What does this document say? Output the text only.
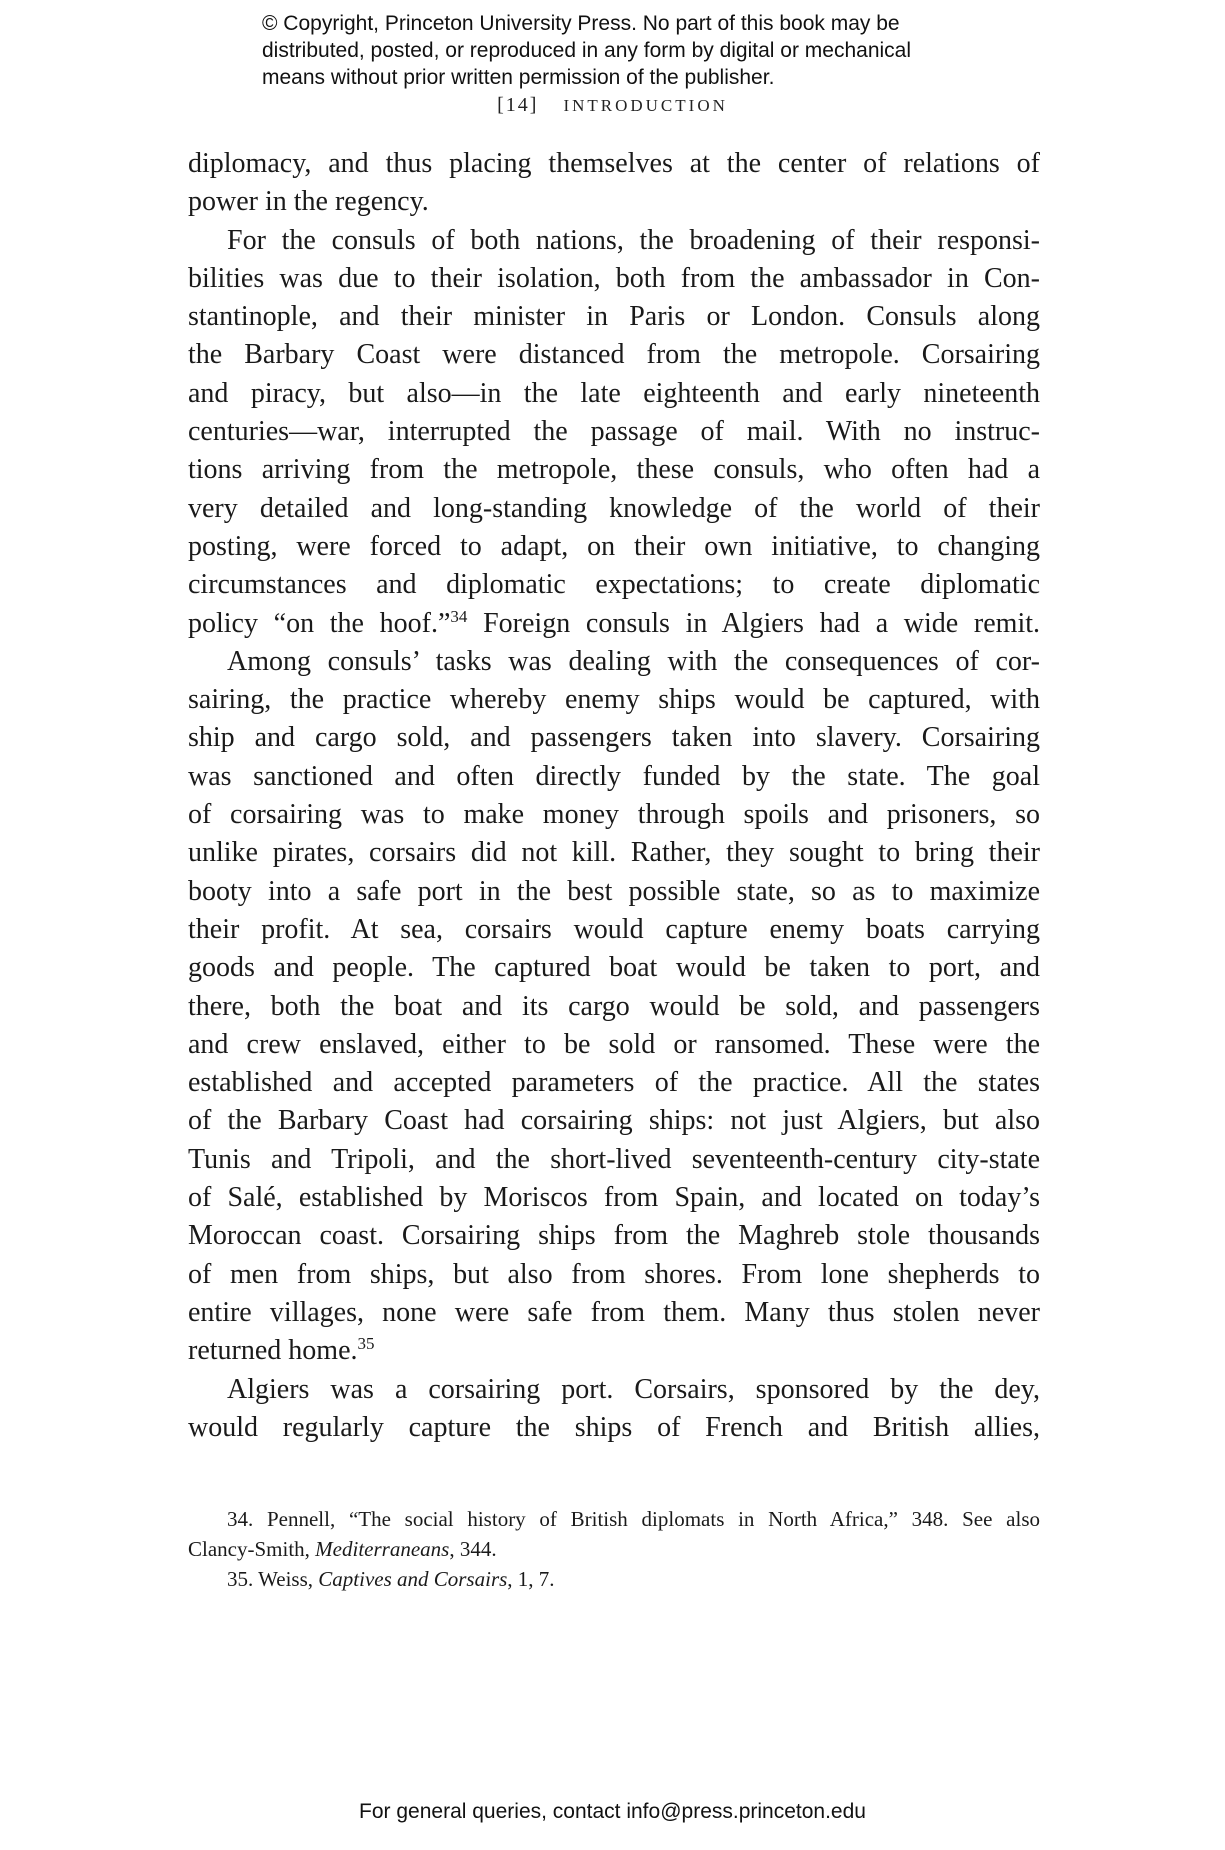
© Copyright, Princeton University Press. No part of this book may be
distributed, posted, or reproduced in any form by digital or mechanical
means without prior written permission of the publisher.
[14] INTRODUCTION
diplomacy, and thus placing themselves at the center of relations of
power in the regency.
For the consuls of both nations, the broadening of their responsi-
bilities was due to their isolation, both from the ambassador in Con-
stantinople, and their minister in Paris or London. Consuls along
the Barbary Coast were distanced from the metropole. Corsairing
and piracy, but also—in the late eighteenth and early nineteenth
centuries—war, interrupted the passage of mail. With no instruc-
tions arriving from the metropole, these consuls, who often had a
very detailed and long-standing knowledge of the world of their
posting, were forced to adapt, on their own initiative, to changing
circumstances and diplomatic expectations; to create diplomatic
policy “on the hoof.”$^{34}$ Foreign consuls in Algiers had a wide remit.
Among consuls’ tasks was dealing with the consequences of cor-
sairing, the practice whereby enemy ships would be captured, with
ship and cargo sold, and passengers taken into slavery. Corsairing
was sanctioned and often directly funded by the state. The goal
of corsairing was to make money through spoils and prisoners, so
unlike pirates, corsairs did not kill. Rather, they sought to bring their
booty into a safe port in the best possible state, so as to maximize
their profit. At sea, corsairs would capture enemy boats carrying
goods and people. The captured boat would be taken to port, and
there, both the boat and its cargo would be sold, and passengers
and crew enslaved, either to be sold or ransomed. These were the
established and accepted parameters of the practice. All the states
of the Barbary Coast had corsairing ships: not just Algiers, but also
Tunis and Tripoli, and the short-lived seventeenth-century city-state
of Salé, established by Moriscos from Spain, and located on today’s
Moroccan coast. Corsairing ships from the Maghreb stole thousands
of men from ships, but also from shores. From lone shepherds to
entire villages, none were safe from them. Many thus stolen never
returned home.$^{35}$
Algiers was a corsairing port. Corsairs, sponsored by the dey,
would regularly capture the ships of French and British allies,
34. Pennell, “The social history of British diplomats in North Africa,” 348. See also
Clancy-Smith, Mediterraneans, 344.
35. Weiss, Captives and Corsairs, 1, 7.
For general queries, contact info@press.princeton.edu
